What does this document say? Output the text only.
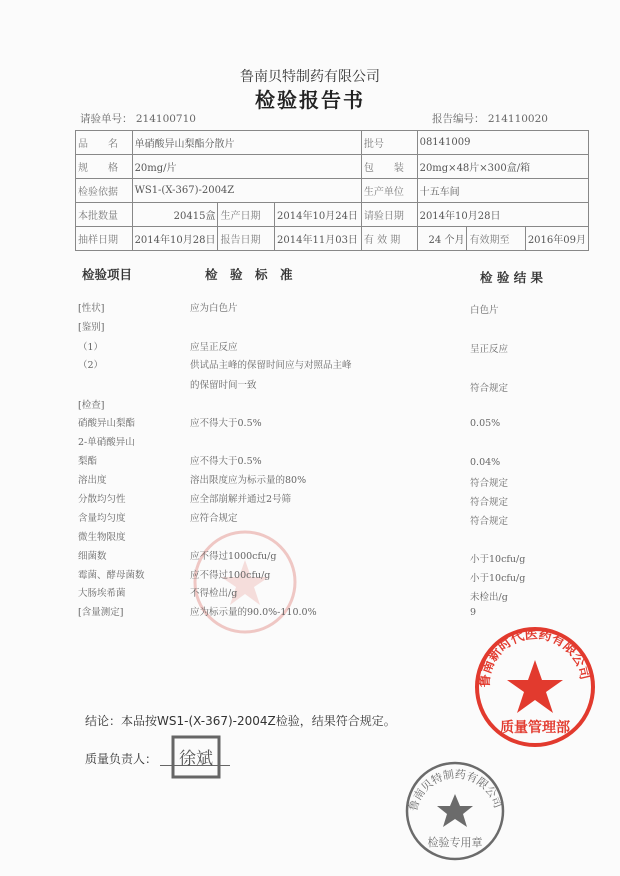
鲁南贝特制药有限公司
检验报告书
请验单号： 214100710	报告编号： 214110020
品　　名	单硝酸异山梨酯分散片			批号	08141009		
规　　格	20mg/片			包　　装	20mg×48片×300盒/箱		
检验依据	WS1-(X-367)-2004Z			生产单位	十五车间		
本批数量	20415盒	生产日期	2014年10月24日	请验日期	2014年10月28日		
抽样日期	2014年10月28日	报告日期	2014年11月03日	有 效 期	24 个月	有效期至	2016年09月
检验项目	检　验　标　准	检 验 结 果
[性状]	应为白色片	白色片
[鉴别]
（1）	应呈正反应	呈正反应
（2）	供试品主峰的保留时间应与对照品主峰
的保留时间一致	符合规定
[检查]
硝酸异山梨酯	应不得大于0.5%	0.05%
2-单硝酸异山
梨酯	应不得大于0.5%	0.04%
溶出度	溶出限度应为标示量的80%	符合规定
分散均匀性	应全部崩解并通过2号筛	符合规定
含量均匀度	应符合规定	符合规定
微生物限度
细菌数	应不得过1000cfu/g	小于10cfu/g
霉菌、酵母菌数	应不得过100cfu/g	小于10cfu/g
大肠埃希菌	不得检出/g	未检出/g
[含量测定]	应为标示量的90.0%-110.0%	9
鲁南新时代医药有限公司
质量管理部
鲁南贝特制药有限公司
检验专用章
结论：本品按WS1-(X-367)-2004Z检验，结果符合规定。
质量负责人： 徐斌
